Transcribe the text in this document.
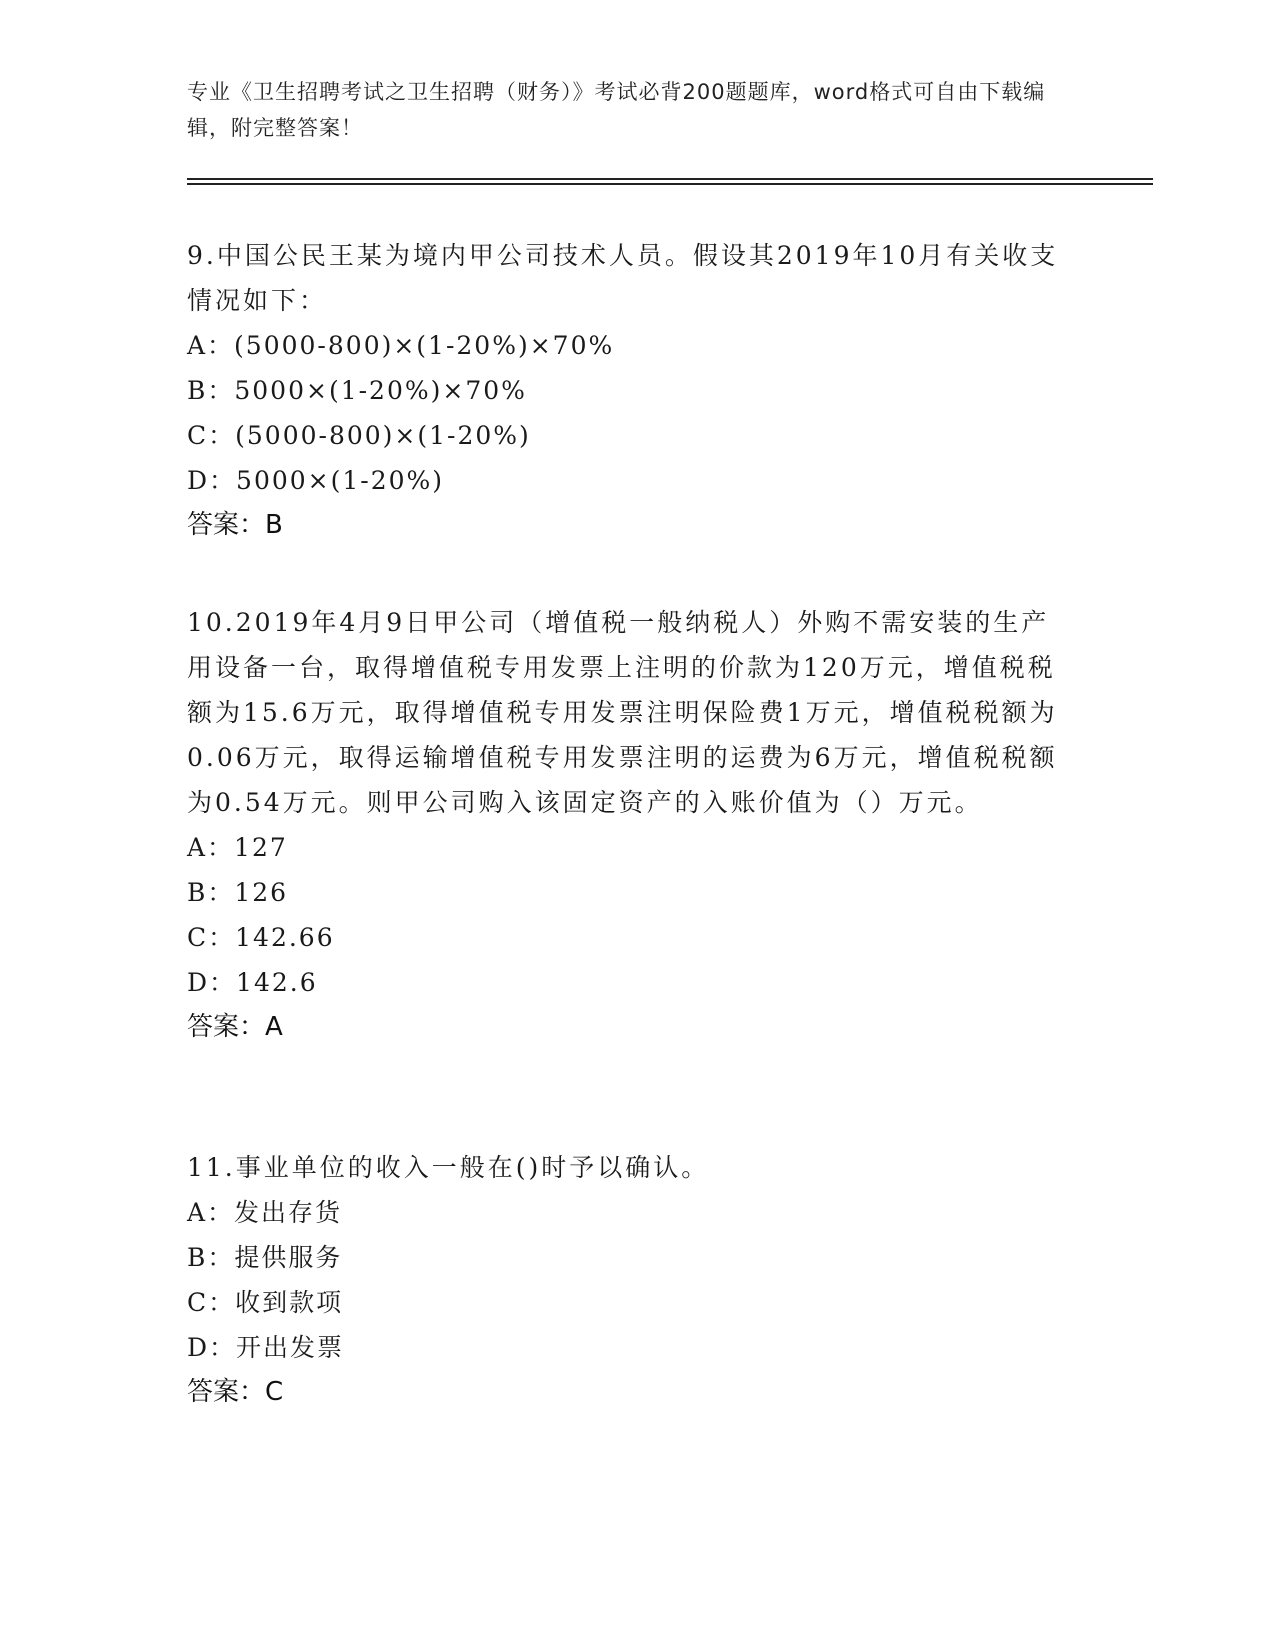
专业《卫生招聘考试之卫生招聘（财务）》考试必背200题题库，word格式可自由下载编辑，附完整答案！

9.中国公民王某为境内甲公司技术人员。假设其2019年10月有关收支情况如下：

A：(5000-800)×(1-20%)×70%

B：5000×(1-20%)×70%

C：(5000-800)×(1-20%)

D：5000×(1-20%)

答案：B

10.2019年4月9日甲公司（增值税一般纳税人）外购不需安装的生产用设备一台，取得增值税专用发票上注明的价款为120万元，增值税税额为15.6万元，取得增值税专用发票注明保险费1万元，增值税税额为0.06万元，取得运输增值税专用发票注明的运费为6万元，增值税税额为0.54万元。则甲公司购入该固定资产的入账价值为（）万元。

A：127

B：126

C：142.66

D：142.6

答案：A

11.事业单位的收入一般在()时予以确认。

A：发出存货

B：提供服务

C：收到款项

D：开出发票

答案：C
